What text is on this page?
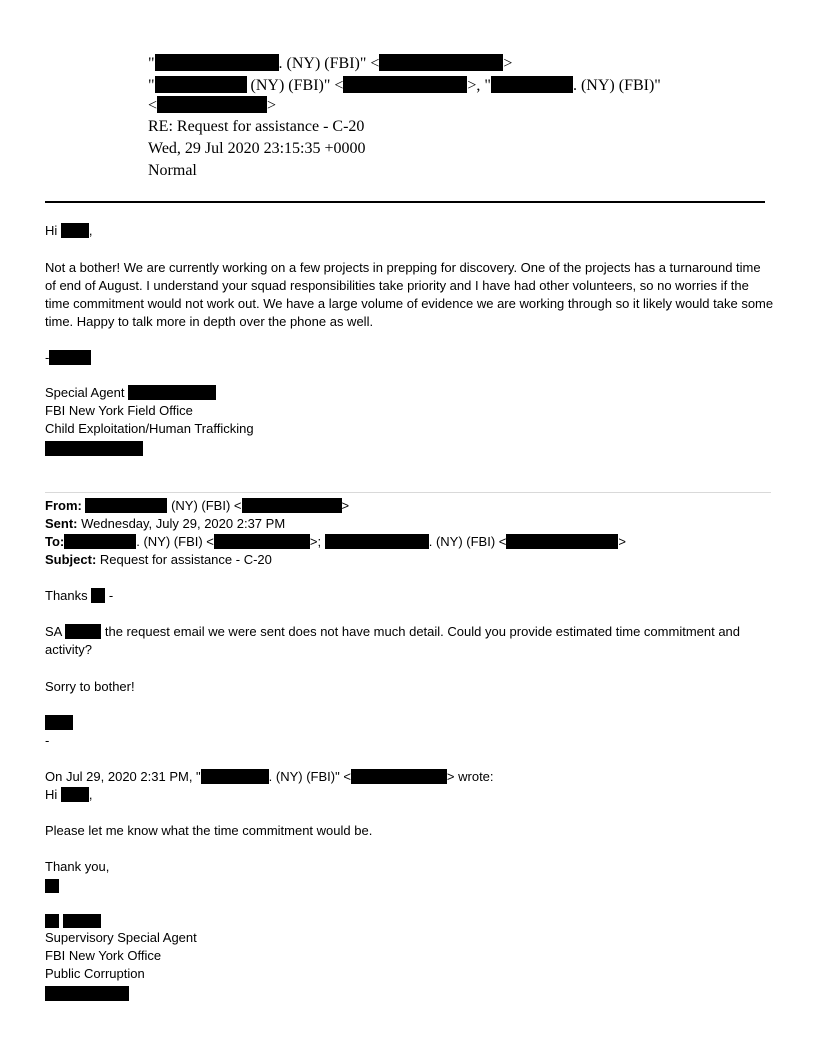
"	. (NY) (FBI)" <	>
"	(NY) (FBI)" <	>, "	. (NY) (FBI)"
<	>
RE: Request for assistance - C-20
Wed, 29 Jul 2020 23:15:35 +0000
Normal
Hi ,
Not a bother! We are currently working on a few projects in prepping for discovery. One of the projects has a turnaround time of end of August. I understand your squad responsibilities take priority and I have had other volunteers, so no worries if the time commitment would not work out. We have a large volume of evidence we are working through so it likely would take some time. Happy to talk more in depth over the phone as well.
-
Special Agent
FBI New York Field Office
Child Exploitation/Human Trafficking
From:	(NY) (FBI) <	>
Sent: Wednesday, July 29, 2020 2:37 PM
To:	. (NY) (FBI) <	>;	. (NY) (FBI) <	>
Subject: Request for assistance - C-20
Thanks  -
SA	the request email we were sent does not have much detail. Could you provide estimated time commitment and activity?
Sorry to bother!
-
On Jul 29, 2020 2:31 PM, "	. (NY) (FBI)" <	> wrote:
Hi ,
Please let me know what the time commitment would be.
Thank you,

Supervisory Special Agent
FBI New York Office
Public Corruption
